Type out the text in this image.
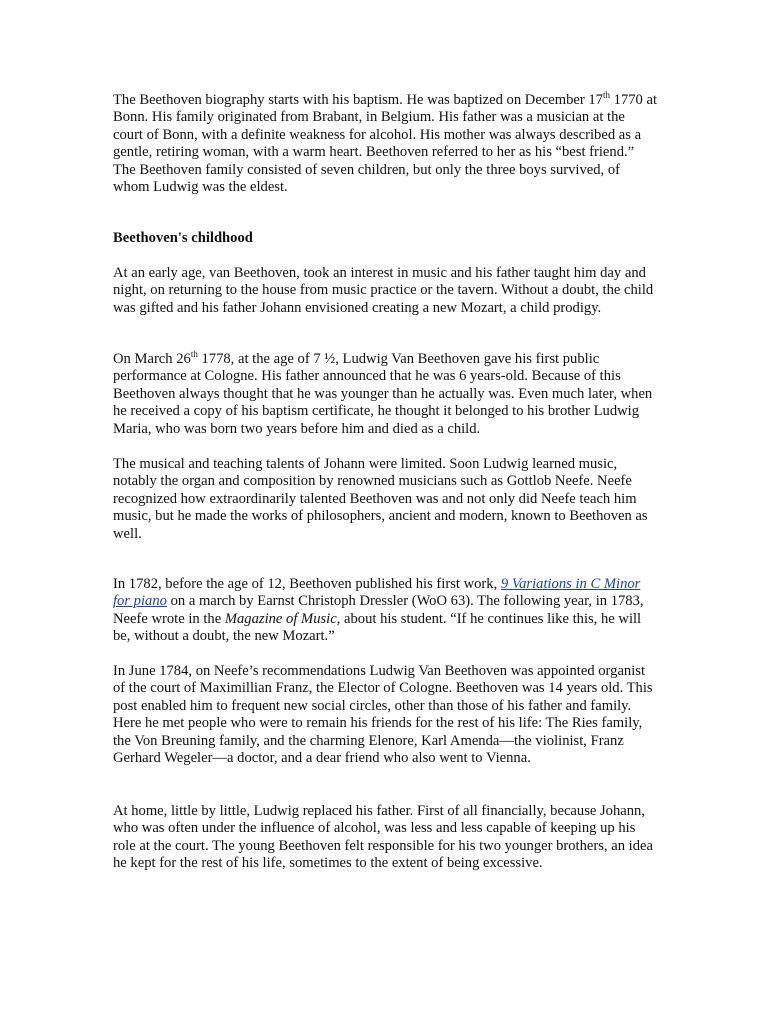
The Beethoven biography starts with his baptism. He was baptized on December 17th 1770 at Bonn. His family originated from Brabant, in Belgium. His father was a musician at the court of Bonn, with a definite weakness for alcohol. His mother was always described as a gentle, retiring woman, with a warm heart. Beethoven referred to her as his “best friend.” The Beethoven family consisted of seven children, but only the three boys survived, of whom Ludwig was the eldest.

Beethoven's childhood

At an early age, van Beethoven, took an interest in music and his father taught him day and night, on returning to the house from music practice or the tavern. Without a doubt, the child was gifted and his father Johann envisioned creating a new Mozart, a child prodigy.

On March 26th 1778, at the age of 7 ½, Ludwig Van Beethoven gave his first public performance at Cologne. His father announced that he was 6 years-old. Because of this Beethoven always thought that he was younger than he actually was. Even much later, when he received a copy of his baptism certificate, he thought it belonged to his brother Ludwig Maria, who was born two years before him and died as a child.

The musical and teaching talents of Johann were limited. Soon Ludwig learned music, notably the organ and composition by renowned musicians such as Gottlob Neefe. Neefe recognized how extraordinarily talented Beethoven was and not only did Neefe teach him music, but he made the works of philosophers, ancient and modern, known to Beethoven as well.

In 1782, before the age of 12, Beethoven published his first work, 9 Variations in C Minor for piano on a march by Earnst Christoph Dressler (WoO 63). The following year, in 1783, Neefe wrote in the Magazine of Music, about his student. “If he continues like this, he will be, without a doubt, the new Mozart.”

In June 1784, on Neefe’s recommendations Ludwig Van Beethoven was appointed organist of the court of Maximillian Franz, the Elector of Cologne. Beethoven was 14 years old. This post enabled him to frequent new social circles, other than those of his father and family. Here he met people who were to remain his friends for the rest of his life: The Ries family, the Von Breuning family, and the charming Elenore, Karl Amenda—the violinist, Franz Gerhard Wegeler—a doctor, and a dear friend who also went to Vienna.

At home, little by little, Ludwig replaced his father. First of all financially, because Johann, who was often under the influence of alcohol, was less and less capable of keeping up his role at the court. The young Beethoven felt responsible for his two younger brothers, an idea he kept for the rest of his life, sometimes to the extent of being excessive.
